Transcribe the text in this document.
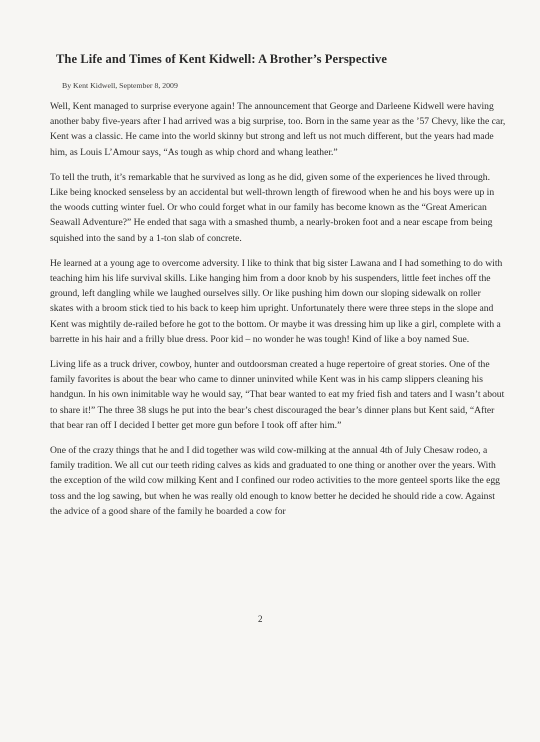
The Life and Times of Kent Kidwell: A Brother’s Perspective
By Kent Kidwell, September 8, 2009

Well, Kent managed to surprise everyone again! The announcement that George and Darleene Kidwell were having another baby five-years after I had arrived was a big surprise, too. Born in the same year as the ’57 Chevy, like the car, Kent was a classic. He came into the world skinny but strong and left us not much different, but the years had made him, as Louis L’Amour says, “As tough as whip chord and whang leather.”

To tell the truth, it’s remarkable that he survived as long as he did, given some of the experiences he lived through. Like being knocked senseless by an accidental but well-thrown length of firewood when he and his boys were up in the woods cutting winter fuel. Or who could forget what in our family has become known as the “Great American Seawall Adventure?” He ended that saga with a smashed thumb, a nearly-broken foot and a near escape from being squished into the sand by a 1-ton slab of concrete.

He learned at a young age to overcome adversity. I like to think that big sister Lawana and I had something to do with teaching him his life survival skills. Like hanging him from a door knob by his suspenders, little feet inches off the ground, left dangling while we laughed ourselves silly. Or like pushing him down our sloping sidewalk on roller skates with a broom stick tied to his back to keep him upright. Unfortunately there were three steps in the slope and Kent was mightily de-railed before he got to the bottom. Or maybe it was dressing him up like a girl, complete with a barrette in his hair and a frilly blue dress. Poor kid – no wonder he was tough! Kind of like a boy named Sue.

Living life as a truck driver, cowboy, hunter and outdoorsman created a huge repertoire of great stories. One of the family favorites is about the bear who came to dinner uninvited while Kent was in his camp slippers cleaning his handgun. In his own inimitable way he would say, “That bear wanted to eat my fried fish and taters and I wasn’t about to share it!” The three 38 slugs he put into the bear’s chest discouraged the bear’s dinner plans but Kent said, “After that bear ran off I decided I better get more gun before I took off after him.”

One of the crazy things that he and I did together was wild cow-milking at the annual 4th of July Chesaw rodeo, a family tradition. We all cut our teeth riding calves as kids and graduated to one thing or another over the years. With the exception of the wild cow milking Kent and I confined our rodeo activities to the more genteel sports like the egg toss and the log sawing, but when he was really old enough to know better he decided he should ride a cow. Against the advice of a good share of the family he boarded a cow for

2
